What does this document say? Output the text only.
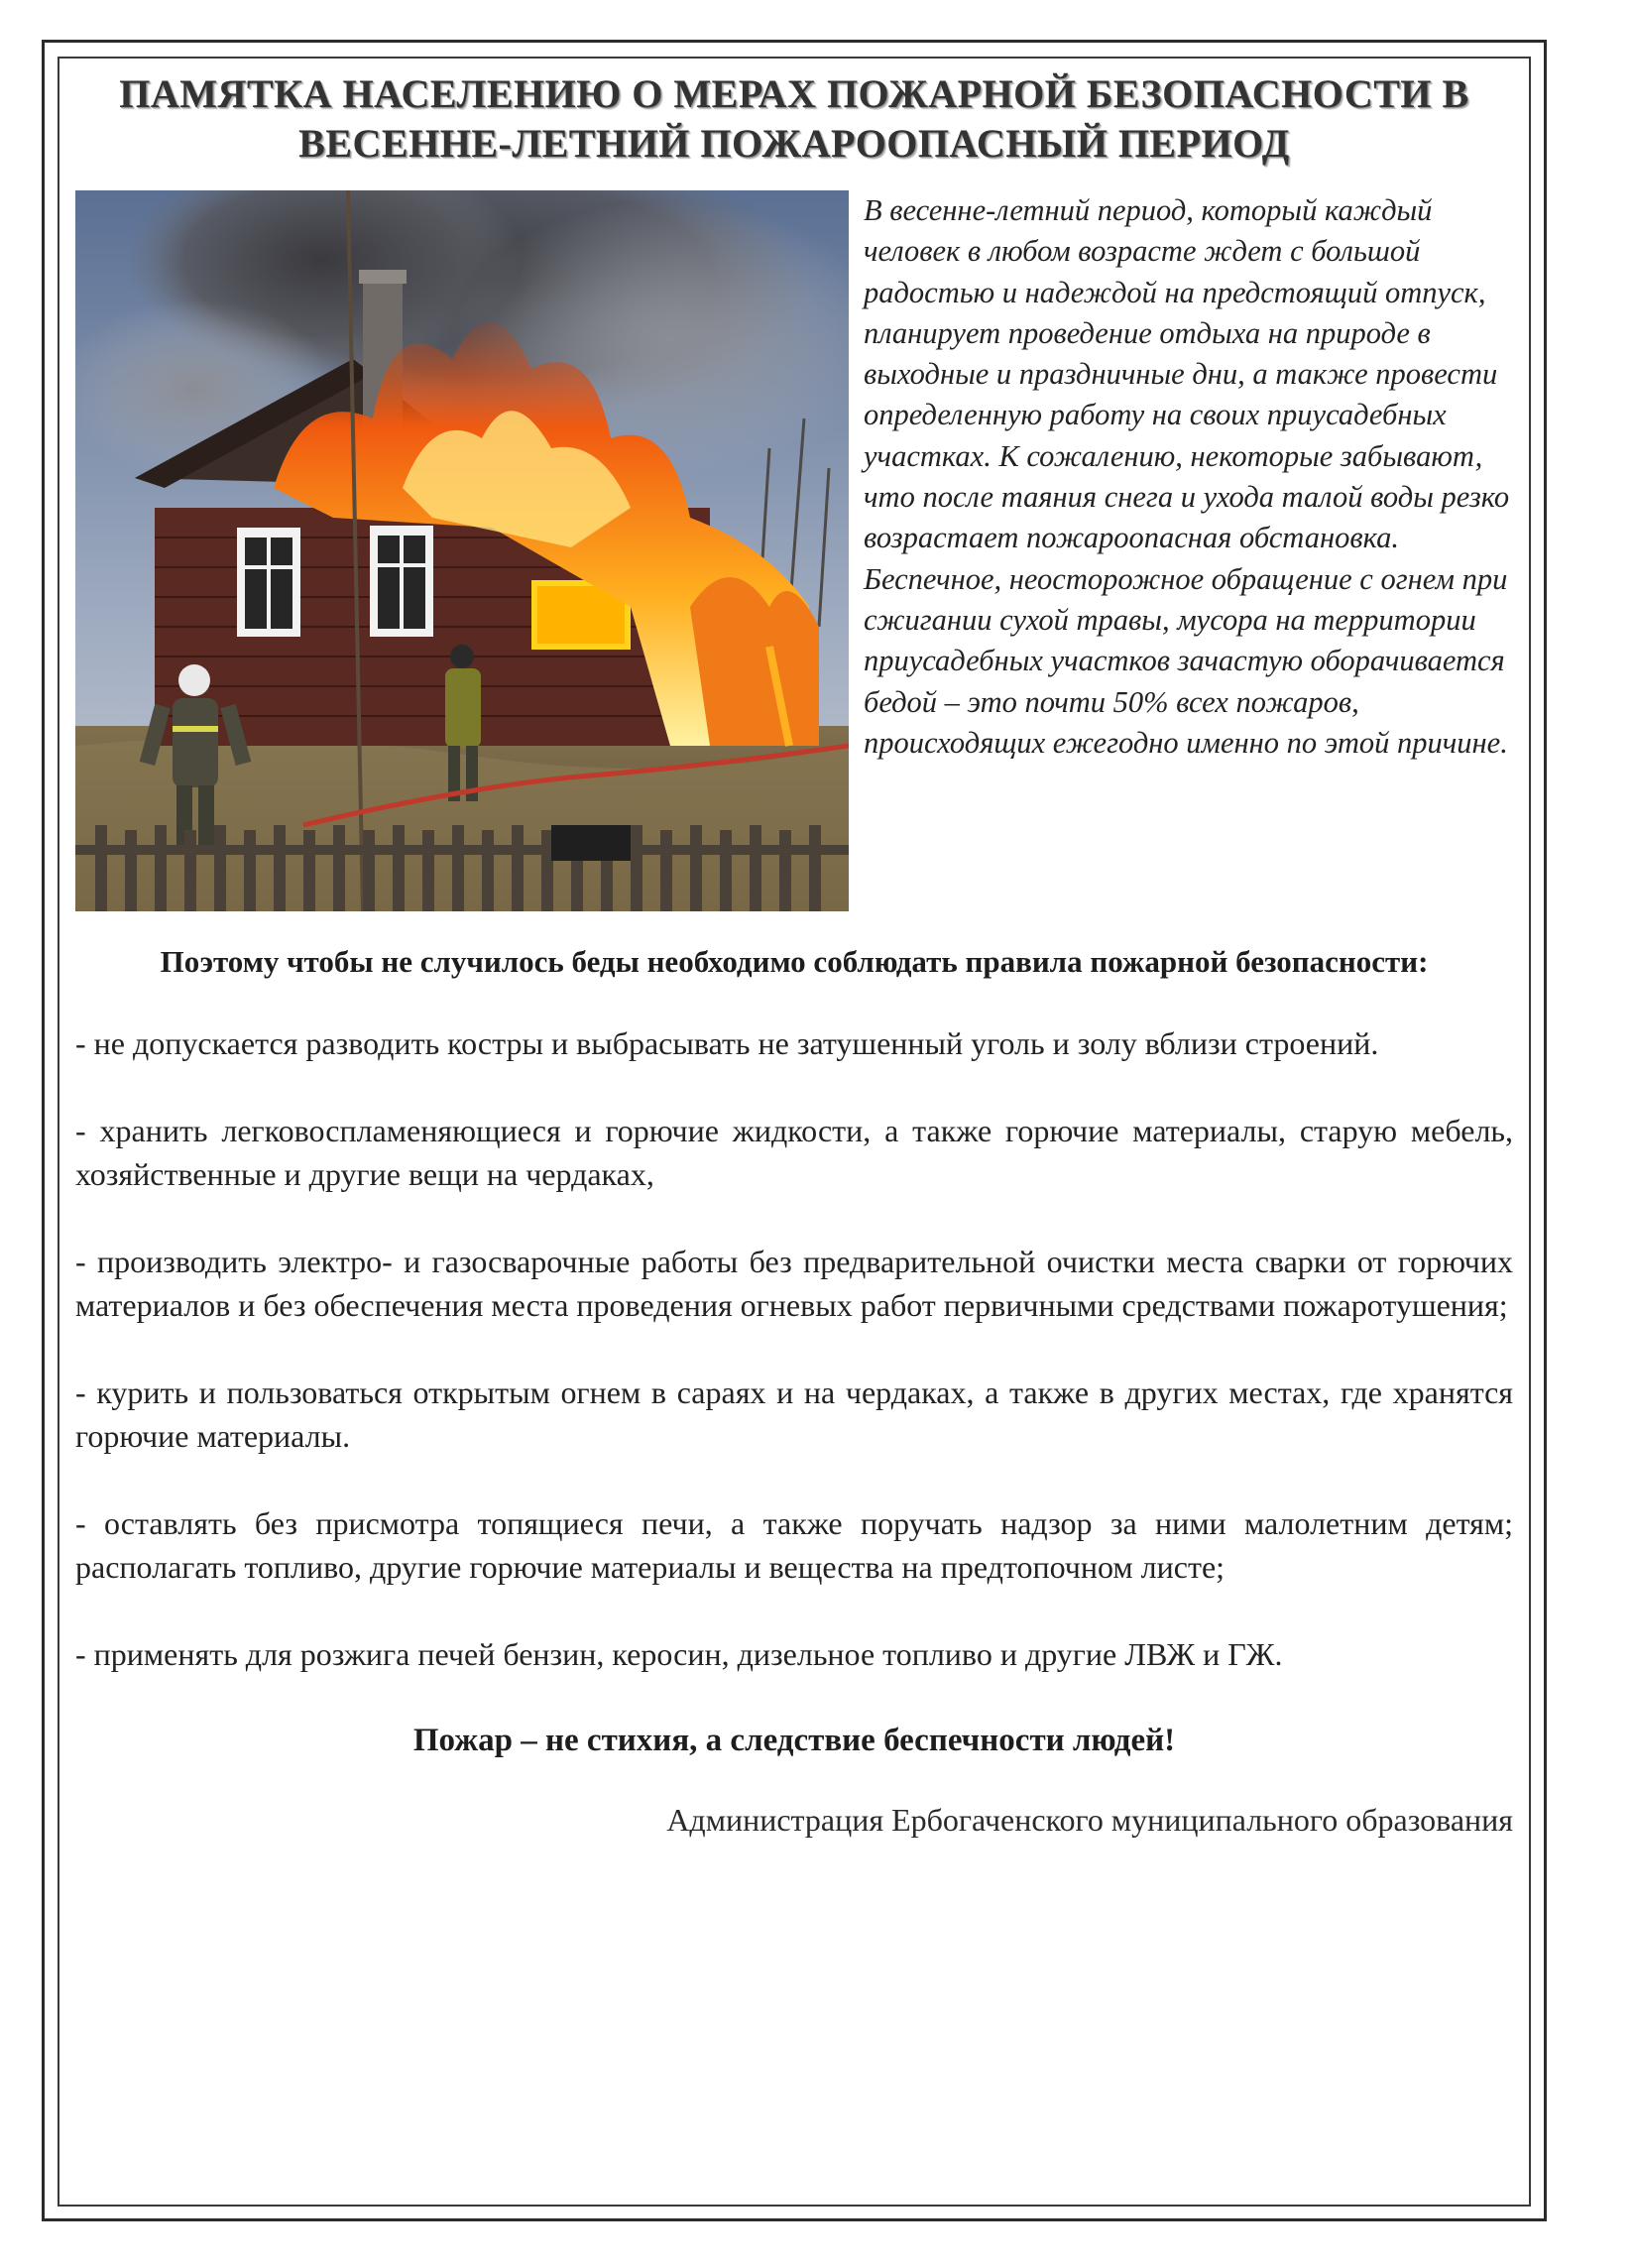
ПАМЯТКА НАСЕЛЕНИЮ О МЕРАХ ПОЖАРНОЙ БЕЗОПАСНОСТИ В ВЕСЕННЕ-ЛЕТНИЙ ПОЖАРООПАСНЫЙ ПЕРИОД

В весенне-летний период, который каждый человек в любом возрасте ждет с большой радостью и надеждой на предстоящий отпуск, планирует проведение отдыха на природе в выходные и праздничные дни, а также провести определенную работу на своих приусадебных участках. К сожалению, некоторые забывают, что после таяния снега и ухода талой воды резко возрастает пожароопасная обстановка. Беспечное, неосторожное обращение с огнем при сжигании сухой травы, мусора на территории приусадебных участков зачастую оборачивается бедой – это почти 50% всех пожаров, происходящих ежегодно именно по этой причине.

Поэтому чтобы не случилось беды необходимо соблюдать правила пожарной безопасности:

- не допускается разводить костры и выбрасывать не затушенный уголь и золу вблизи строений.

- хранить легковоспламеняющиеся и горючие жидкости, а также горючие материалы, старую мебель, хозяйственные и другие вещи на чердаках,

- производить электро- и газосварочные работы без предварительной очистки места сварки от горючих материалов и без обеспечения места проведения огневых работ первичными средствами пожаротушения;

- курить и пользоваться открытым огнем в сараях и на чердаках, а также в других местах, где хранятся горючие материалы.

- оставлять без присмотра топящиеся печи, а также поручать надзор за ними малолетним детям; располагать топливо, другие горючие материалы и вещества на предтопочном листе;

- применять для розжига печей бензин, керосин, дизельное топливо и другие ЛВЖ и ГЖ.

Пожар – не стихия, а следствие беспечности людей!

Администрация Ербогаченского муниципального образования
